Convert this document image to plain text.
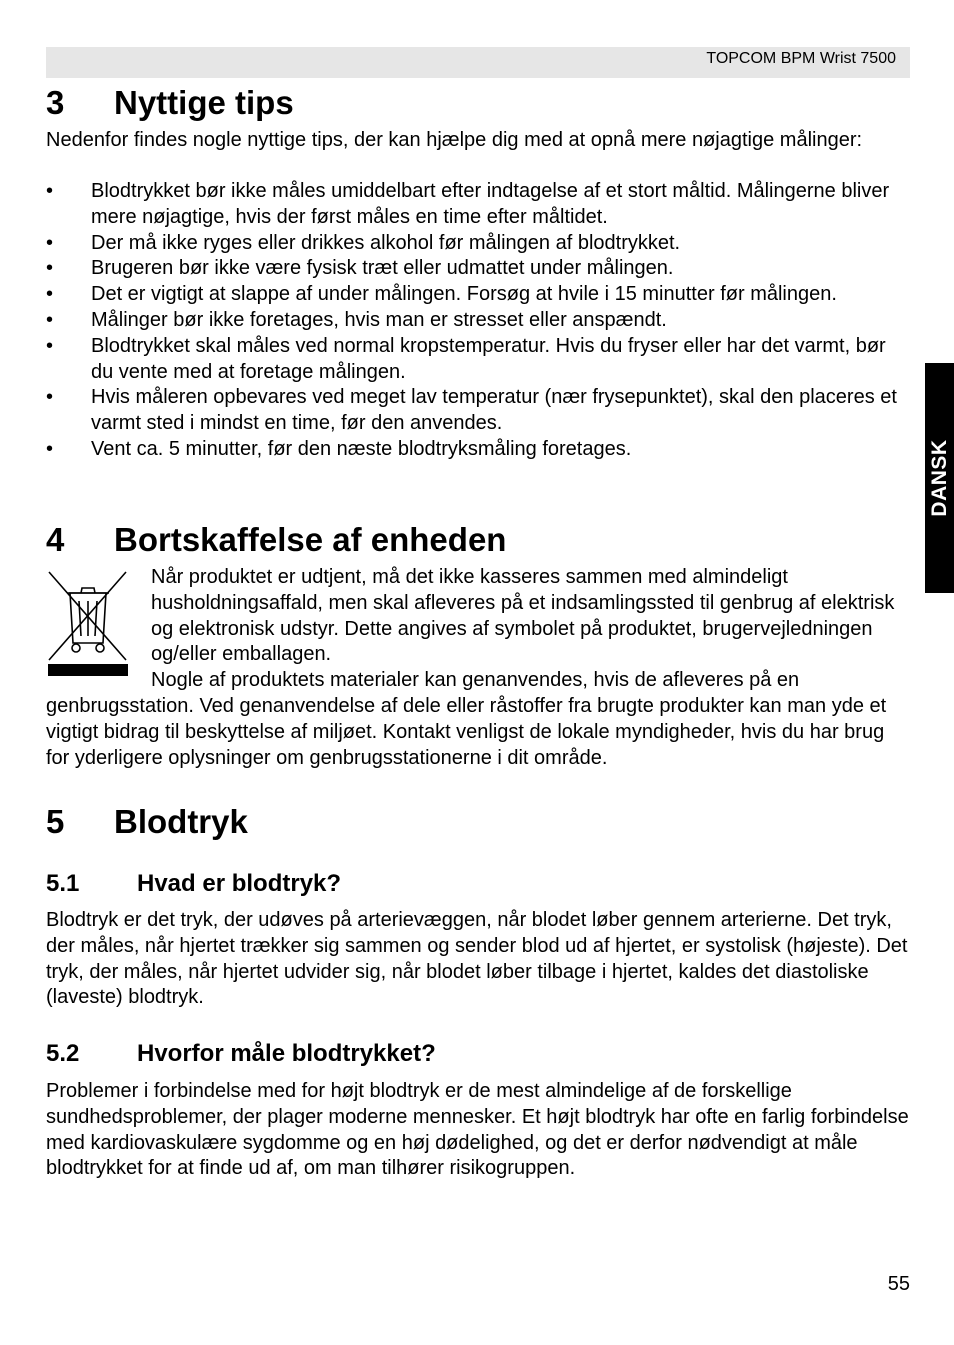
TOPCOM BPM Wrist 7500
DANSK
3 Nyttige tips

Nedenfor findes nogle nyttige tips, der kan hjælpe dig med at opnå mere nøjagtige målinger:

• Blodtrykket bør ikke måles umiddelbart efter indtagelse af et stort måltid. Målingerne bliver mere nøjagtige, hvis der først måles en time efter måltidet.
• Der må ikke ryges eller drikkes alkohol før målingen af blodtrykket.
• Brugeren bør ikke være fysisk træt eller udmattet under målingen.
• Det er vigtigt at slappe af under målingen. Forsøg at hvile i 15 minutter før målingen.
• Målinger bør ikke foretages, hvis man er stresset eller anspændt.
• Blodtrykket skal måles ved normal kropstemperatur. Hvis du fryser eller har det varmt, bør du vente med at foretage målingen.
• Hvis måleren opbevares ved meget lav temperatur (nær frysepunktet), skal den placeres et varmt sted i mindst en time, før den anvendes.
• Vent ca. 5 minutter, før den næste blodtryksmåling foretages.
4 Bortskaffelse af enheden

Når produktet er udtjent, må det ikke kasseres sammen med almindeligt husholdningsaffald, men skal afleveres på et indsamlingssted til genbrug af elektrisk og elektronisk udstyr. Dette angives af symbolet på produktet, brugervejledningen og/eller emballagen.
Nogle af produktets materialer kan genanvendes, hvis de afleveres på en genbrugsstation. Ved genanvendelse af dele eller råstoffer fra brugte produkter kan man yde et vigtigt bidrag til beskyttelse af miljøet. Kontakt venligst de lokale myndigheder, hvis du har brug for yderligere oplysninger om genbrugsstationerne i dit område.

5 Blodtryk
5.1 Hvad er blodtryk?

Blodtryk er det tryk, der udøves på arterievæggen, når blodet løber gennem arterierne. Det tryk, der måles, når hjertet trækker sig sammen og sender blod ud af hjertet, er systolisk (højeste). Det tryk, der måles, når hjertet udvider sig, når blodet løber tilbage i hjertet, kaldes det diastoliske (laveste) blodtryk.

5.2 Hvorfor måle blodtrykket?

Problemer i forbindelse med for højt blodtryk er de mest almindelige af de forskellige sundhedsproblemer, der plager moderne mennesker. Et højt blodtryk har ofte en farlig forbindelse med kardiovaskulære sygdomme og en høj dødelighed, og det er derfor nødvendigt at måle blodtrykket for at finde ud af, om man tilhører risikogruppen.

55
